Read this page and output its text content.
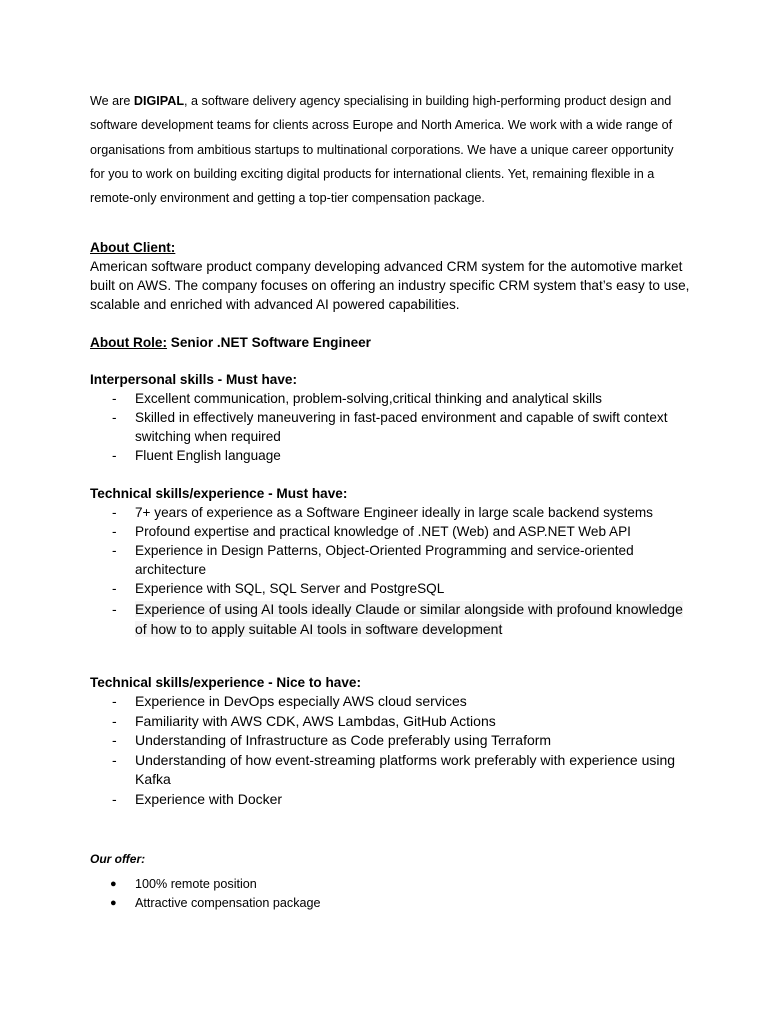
We are DIGIPAL, a software delivery agency specialising in building high-performing product design and software development teams for clients across Europe and North America. We work with a wide range of organisations from ambitious startups to multinational corporations. We have a unique career opportunity for you to work on building exciting digital products for international clients. Yet, remaining flexible in a remote-only environment and getting a top-tier compensation package.

About Client:

American software product company developing advanced CRM system for the automotive market built on AWS. The company focuses on offering an industry specific CRM system that’s easy to use, scalable and enriched with advanced AI powered capabilities.

About Role: Senior .NET Software Engineer

Interpersonal skills - Must have:

- Excellent communication, problem-solving,critical thinking and analytical skills
- Skilled in effectively maneuvering in fast-paced environment and capable of swift context switching when required
- Fluent English language

Technical skills/experience - Must have:

- 7+ years of experience as a Software Engineer ideally in large scale backend systems
- Profound expertise and practical knowledge of .NET (Web) and ASP.NET Web API
- Experience in Design Patterns, Object-Oriented Programming and service-oriented architecture
- Experience with SQL, SQL Server and PostgreSQL
- Experience of using AI tools ideally Claude or similar alongside with profound knowledge of how to to apply suitable AI tools in software development

Technical skills/experience - Nice to have:

- Experience in DevOps especially AWS cloud services
- Familiarity with AWS CDK, AWS Lambdas, GitHub Actions
- Understanding of Infrastructure as Code preferably using Terraform
- Understanding of how event-streaming platforms work preferably with experience using Kafka
- Experience with Docker

Our offer:

● 100% remote position
● Attractive compensation package
